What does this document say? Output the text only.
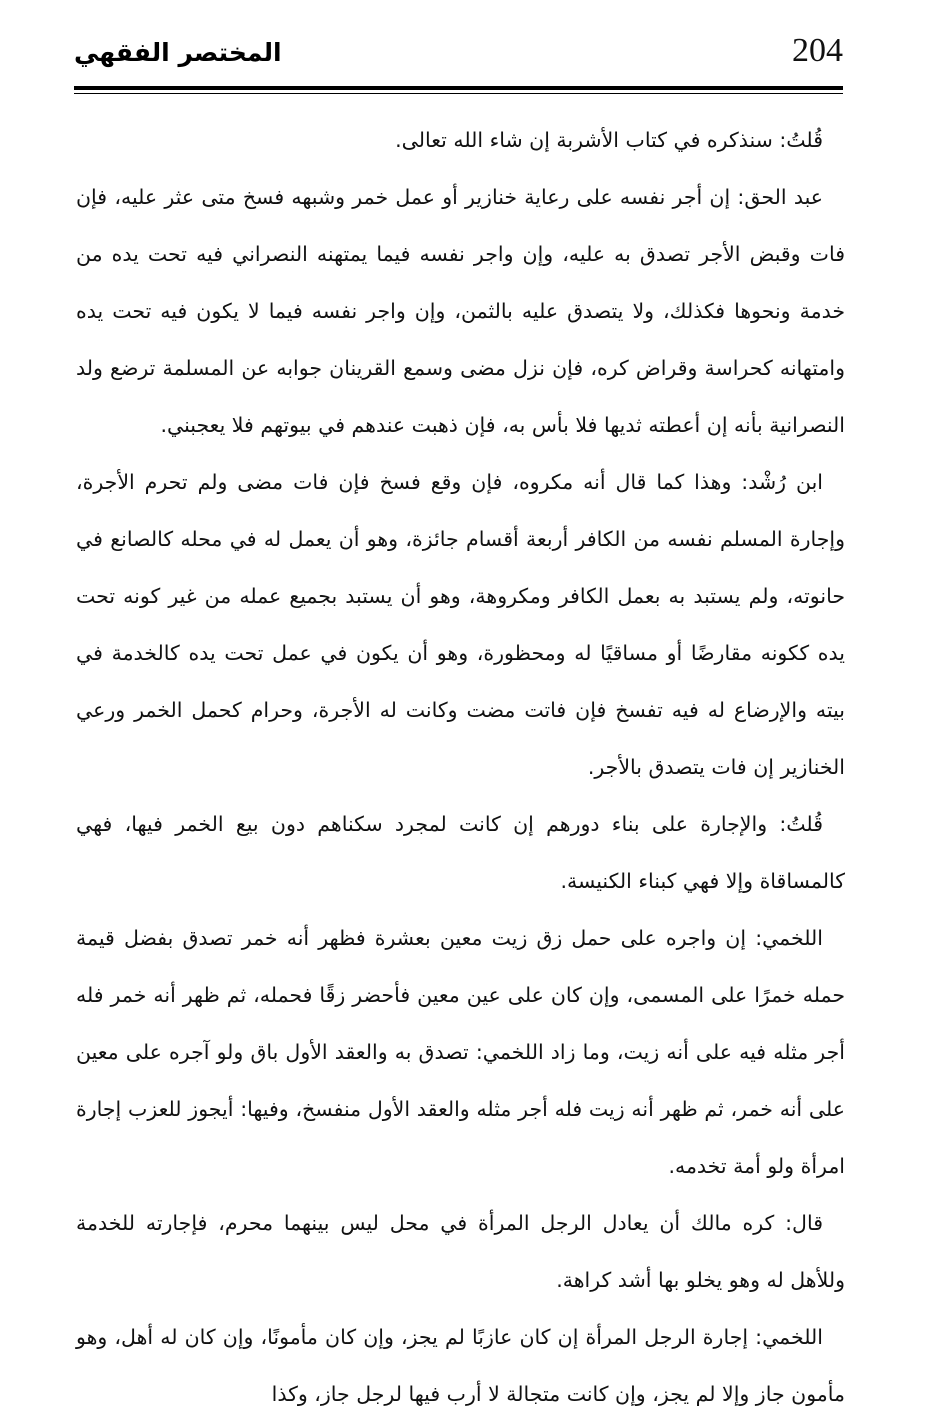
204
المختصر الفقهي

قُلتُ: سنذكره في كتاب الأشربة إن شاء الله تعالى.

عبد الحق: إن أجر نفسه على رعاية خنازير أو عمل خمر وشبهه فسخ متى عثر عليه، فإن فات وقبض الأجر تصدق به عليه، وإن واجر نفسه فيما يمتهنه النصراني فيه تحت يده من خدمة ونحوها فكذلك، ولا يتصدق عليه بالثمن، وإن واجر نفسه فيما لا يكون فيه تحت يده وامتهانه كحراسة وقراض كره، فإن نزل مضى وسمع القرينان جوابه عن المسلمة ترضع ولد النصرانية بأنه إن أعطته ثديها فلا بأس به، فإن ذهبت عندهم في بيوتهم فلا يعجبني.

ابن رُشْد: وهذا كما قال أنه مكروه، فإن وقع فسخ فإن فات مضى ولم تحرم الأجرة، وإجارة المسلم نفسه من الكافر أربعة أقسام جائزة، وهو أن يعمل له في محله كالصانع في حانوته، ولم يستبد به بعمل الكافر ومكروهة، وهو أن يستبد بجميع عمله من غير كونه تحت يده ككونه مقارضًا أو مساقيًا له ومحظورة، وهو أن يكون في عمل تحت يده كالخدمة في بيته والإرضاع له فيه تفسخ فإن فاتت مضت وكانت له الأجرة، وحرام كحمل الخمر ورعي الخنازير إن فات يتصدق بالأجر.

قُلتُ: والإجارة على بناء دورهم إن كانت لمجرد سكناهم دون بيع الخمر فيها، فهي كالمساقاة وإلا فهي كبناء الكنيسة.

اللخمي: إن واجره على حمل زق زيت معين بعشرة فظهر أنه خمر تصدق بفضل قيمة حمله خمرًا على المسمى، وإن كان على عين معين فأحضر زقًا فحمله، ثم ظهر أنه خمر فله أجر مثله فيه على أنه زيت، وما زاد اللخمي: تصدق به والعقد الأول باق ولو آجره على معين على أنه خمر، ثم ظهر أنه زيت فله أجر مثله والعقد الأول منفسخ، وفيها: أيجوز للعزب إجارة امرأة ولو أمة تخدمه.

قال: كره مالك أن يعادل الرجل المرأة في محل ليس بينهما محرم، فإجارته للخدمة وللأهل له وهو يخلو بها أشد كراهة.

اللخمي: إجارة الرجل المرأة إن كان عازبًا لم يجز، وإن كان مأمونًا، وإن كان له أهل، وهو مأمون جاز وإلا لم يجز، وإن كانت متجالة لا أرب فيها لرجل جاز، وكذا
